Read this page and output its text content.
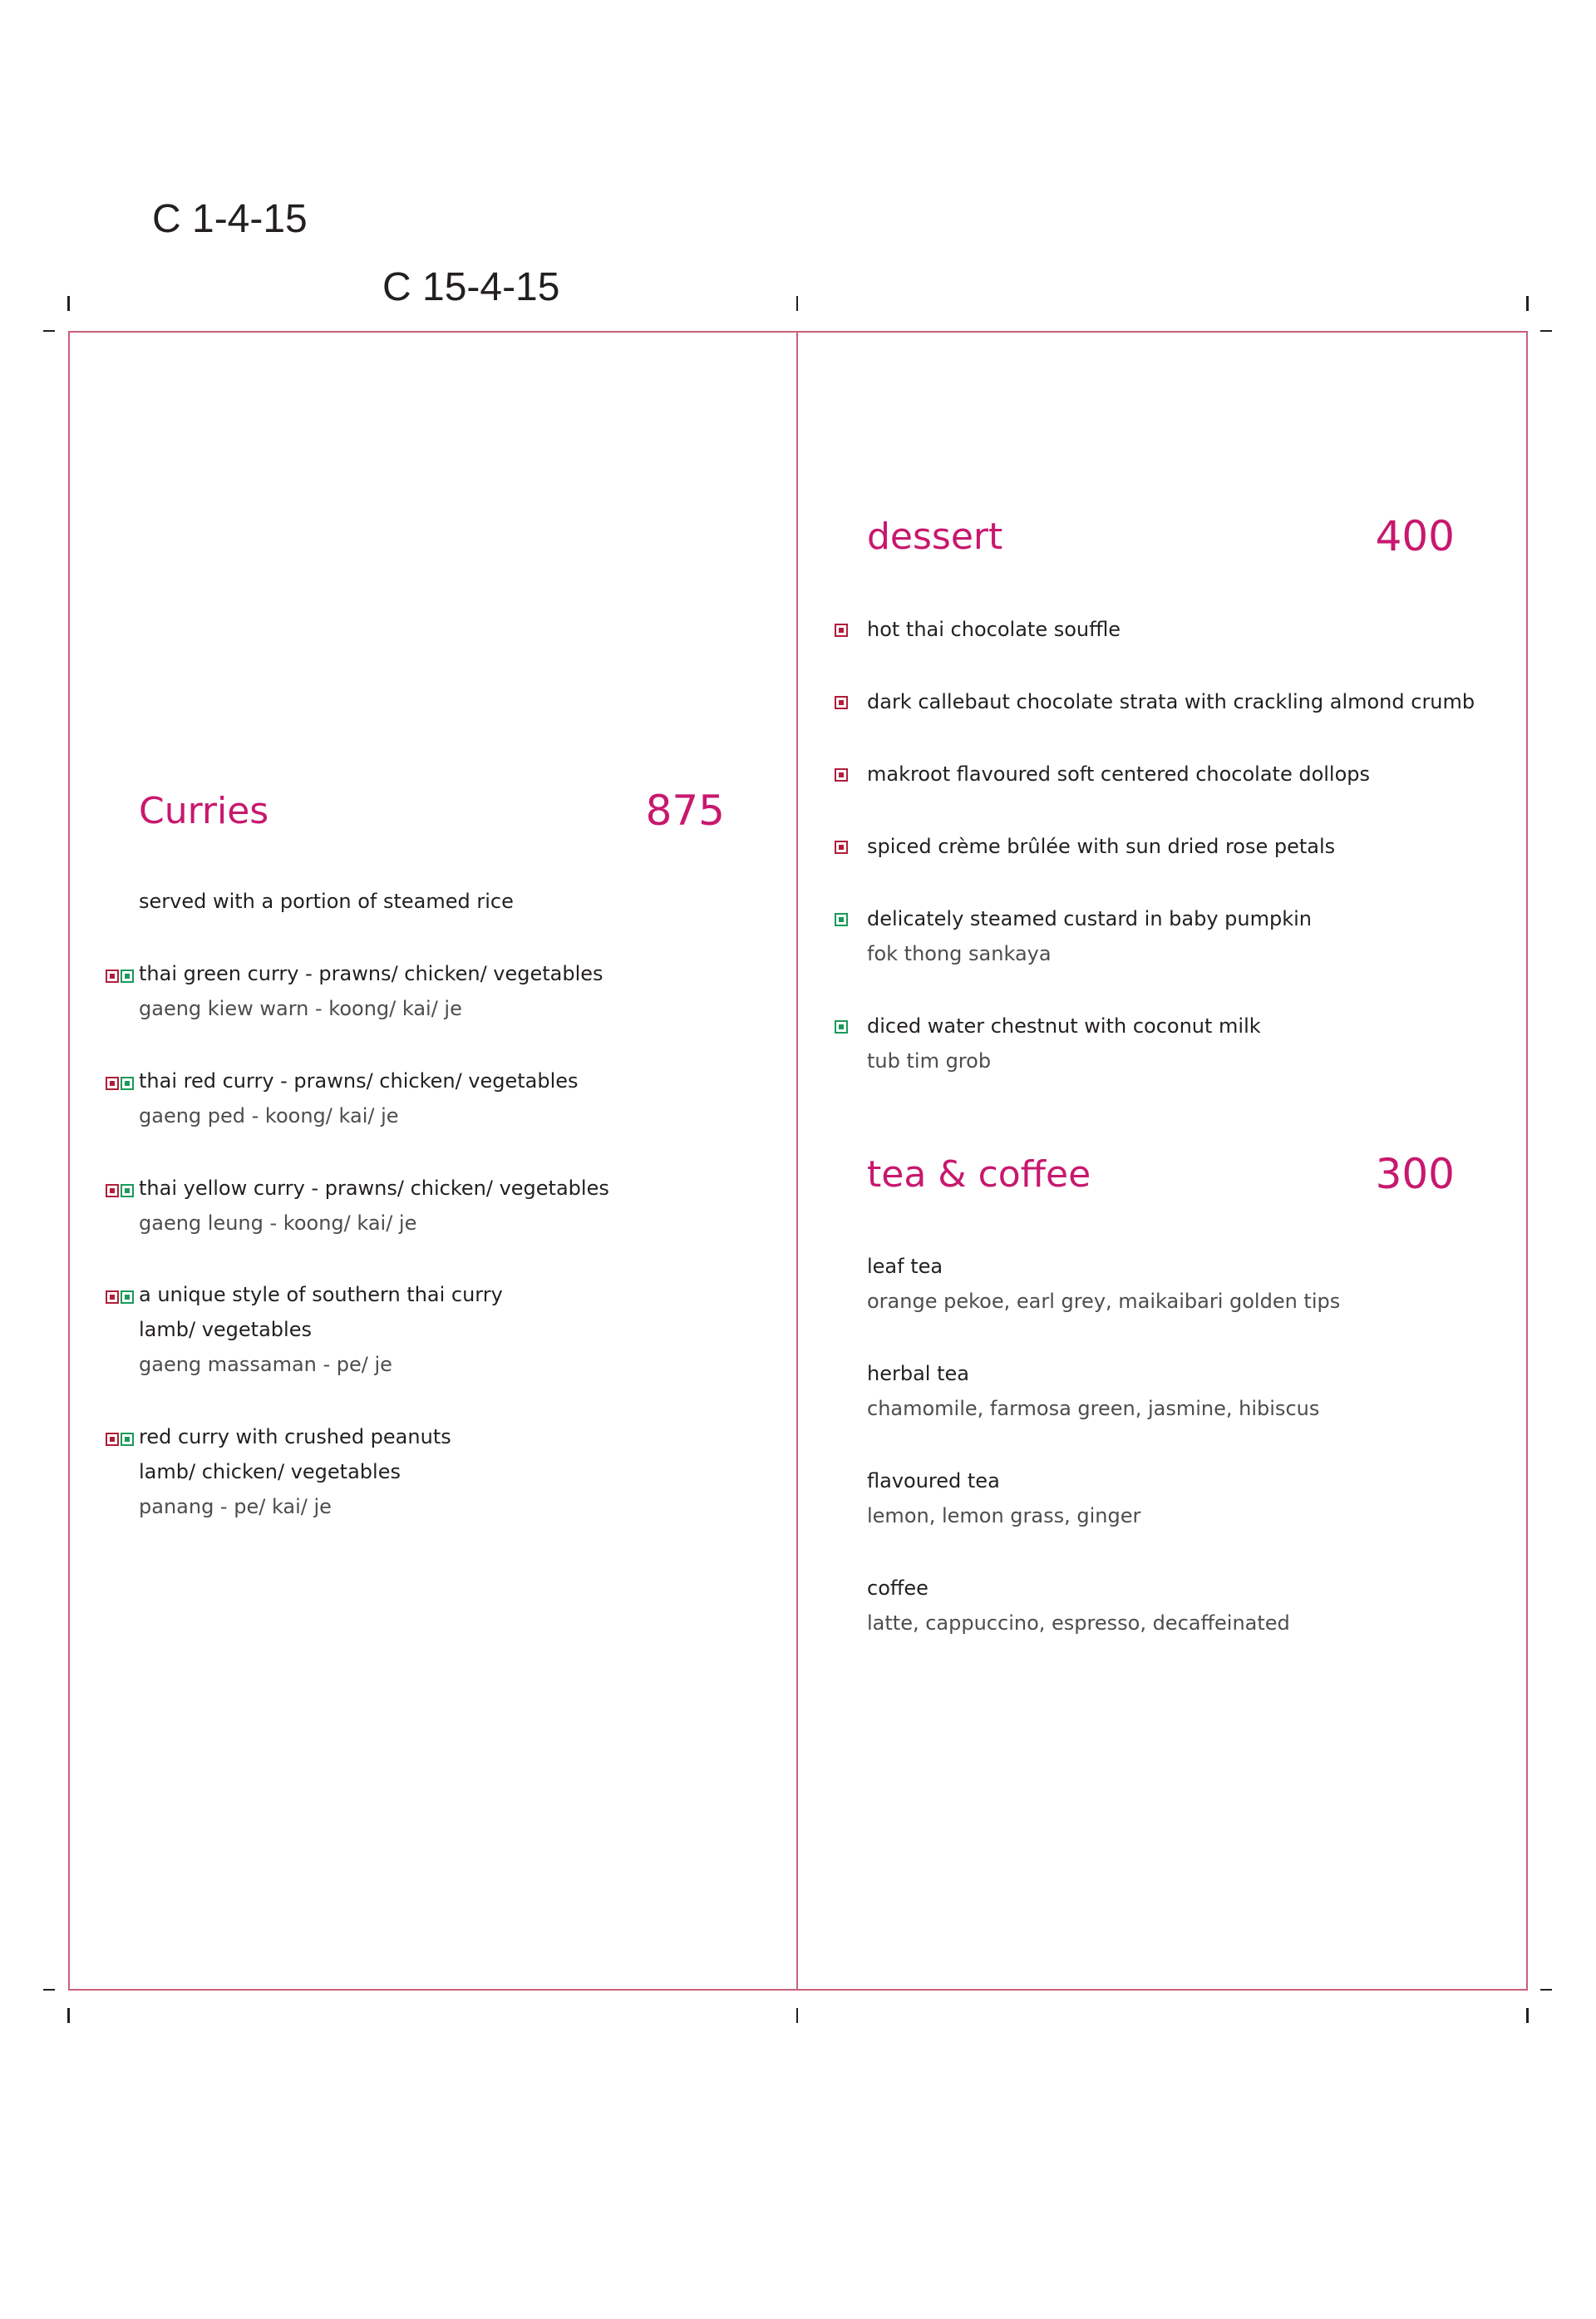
C 1-4-15
C 15-4-15
Curries	875
served with a portion of steamed rice
thai green curry - prawns/ chicken/ vegetables
gaeng kiew warn - koong/ kai/ je
thai red curry - prawns/ chicken/ vegetables
gaeng ped - koong/ kai/ je
thai yellow curry - prawns/ chicken/ vegetables
gaeng leung - koong/ kai/ je
a unique style of southern thai curry
lamb/ vegetables
gaeng massaman - pe/ je
red curry with crushed peanuts
lamb/ chicken/ vegetables
panang - pe/ kai/ je
dessert	400
hot thai chocolate souffle
dark callebaut chocolate strata with crackling almond crumb
makroot flavoured soft centered chocolate dollops
spiced crème brûlée with sun dried rose petals
delicately steamed custard in baby pumpkin
fok thong sankaya
diced water chestnut with coconut milk
tub tim grob
tea & coffee	300
leaf tea
orange pekoe, earl grey, maikaibari golden tips
herbal tea
chamomile, farmosa green, jasmine, hibiscus
flavoured tea
lemon, lemon grass, ginger
coffee
latte, cappuccino, espresso, decaffeinated
